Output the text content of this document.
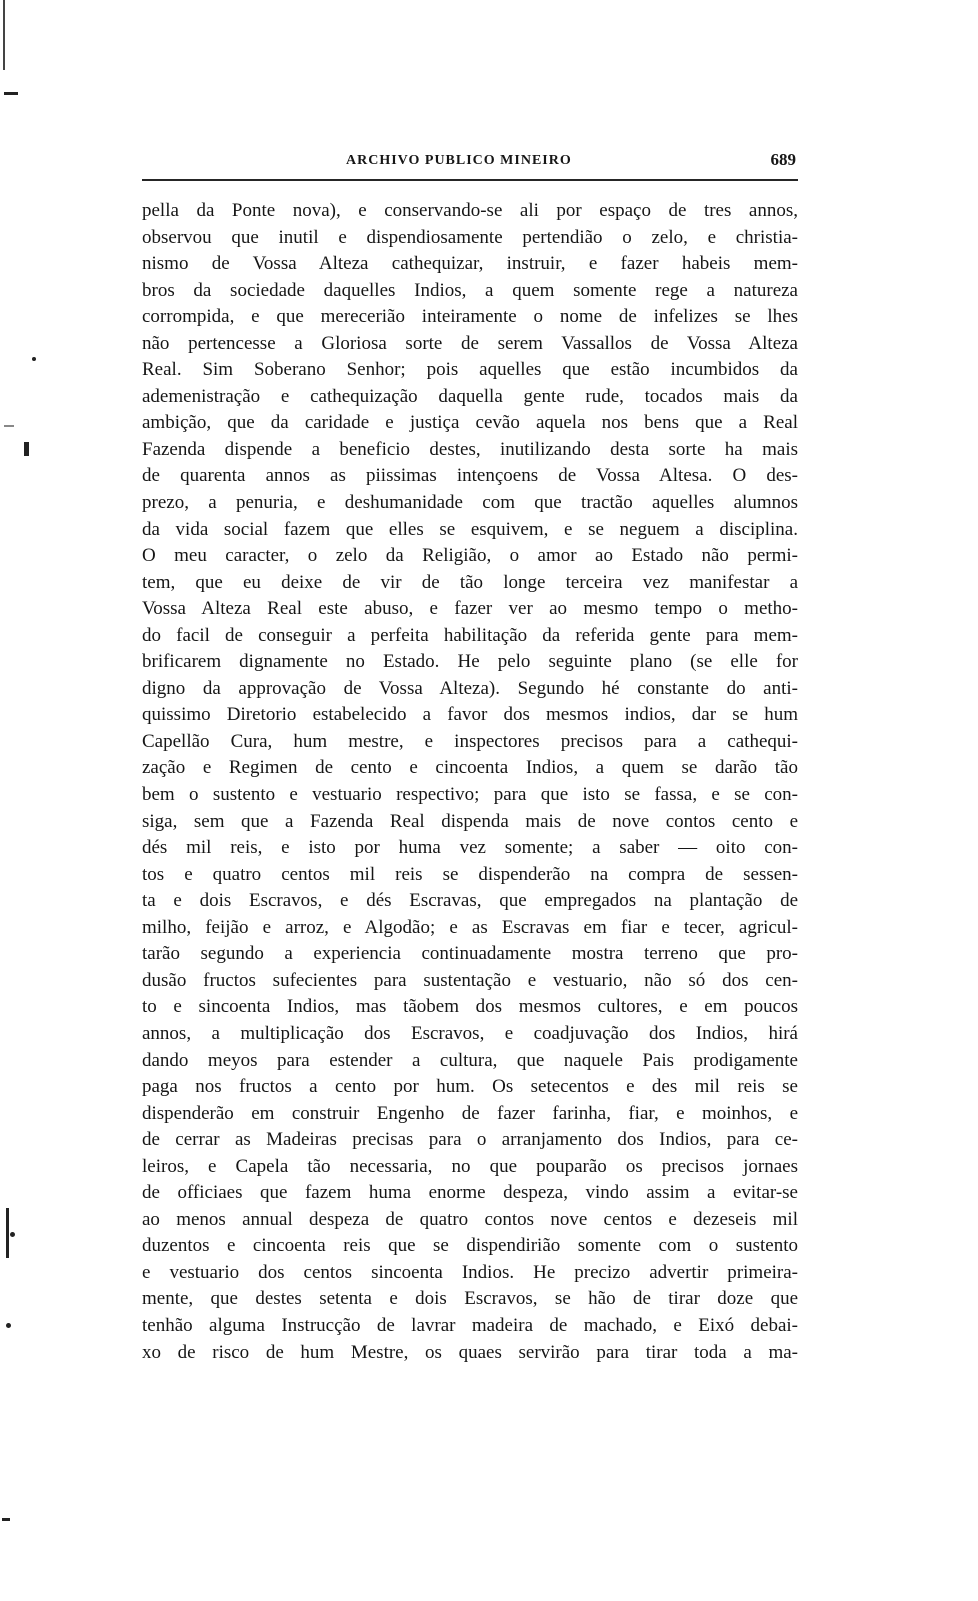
ARCHIVO PUBLICO MINEIRO	689
pella da Ponte nova), e conservando-se ali por espaço de tres annos,
observou que inutil e dispendiosamente pertendião o zelo, e christia-
nismo de Vossa Alteza cathequizar, instruir, e fazer habeis mem-
bros da sociedade daquelles Indios, a quem somente rege a natureza
corrompida, e que merecerião inteiramente o nome de infelizes se lhes
não pertencesse a Gloriosa sorte de serem Vassallos de Vossa Alteza
Real. Sim Soberano Senhor; pois aquelles que estão incumbidos da
ademenistração e cathequização daquella gente rude, tocados mais da
ambição, que da caridade e justiça cevão aquela nos bens que a Real
Fazenda dispende a beneficio destes, inutilizando desta sorte ha mais
de quarenta annos as piissimas intençoens de Vossa Altesa. O des-
prezo, a penuria, e deshumanidade com que tractão aquelles alumnos
da vida social fazem que elles se esquivem, e se neguem a disciplina.
O meu caracter, o zelo da Religião, o amor ao Estado não permi-
tem, que eu deixe de vir de tão longe terceira vez manifestar a
Vossa Alteza Real este abuso, e fazer ver ao mesmo tempo o metho-
do facil de conseguir a perfeita habilitação da referida gente para mem-
brificarem dignamente no Estado. He pelo seguinte plano (se elle for
digno da approvação de Vossa Alteza). Segundo hé constante do anti-
quissimo Diretorio estabelecido a favor dos mesmos indios, dar se hum
Capellão Cura, hum mestre, e inspectores precisos para a cathequi-
zação e Regimen de cento e cincoenta Indios, a quem se darão tão
bem o sustento e vestuario respectivo; para que isto se fassa, e se con-
siga, sem que a Fazenda Real dispenda mais de nove contos cento e
dés mil reis, e isto por huma vez somente; a saber — oito con-
tos e quatro centos mil reis se dispenderão na compra de sessen-
ta e dois Escravos, e dés Escravas, que empregados na plantação de
milho, feijão e arroz, e Algodão; e as Escravas em fiar e tecer, agricul-
tarão segundo a experiencia continuadamente mostra terreno que pro-
dusão fructos sufecientes para sustentação e vestuario, não só dos cen-
to e sincoenta Indios, mas tãobem dos mesmos cultores, e em poucos
annos, a multiplicação dos Escravos, e coadjuvação dos Indios, hirá
dando meyos para estender a cultura, que naquele Pais prodigamente
paga nos fructos a cento por hum. Os setecentos e des mil reis se
dispenderão em construir Engenho de fazer farinha, fiar, e moinhos, e
de cerrar as Madeiras precisas para o arranjamento dos Indios, para ce-
leiros, e Capela tão necessaria, no que pouparão os precisos jornaes
de officiaes que fazem huma enorme despeza, vindo assim a evitar-se
ao menos annual despeza de quatro contos nove centos e dezeseis mil
duzentos e cincoenta reis que se dispendirião somente com o sustento
e vestuario dos centos sincoenta Indios. He precizo advertir primeira-
mente, que destes setenta e dois Escravos, se hão de tirar doze que
tenhão alguma Instrucção de lavrar madeira de machado, e Eixó debai-
xo de risco de hum Mestre, os quaes servirão para tirar toda a ma-
